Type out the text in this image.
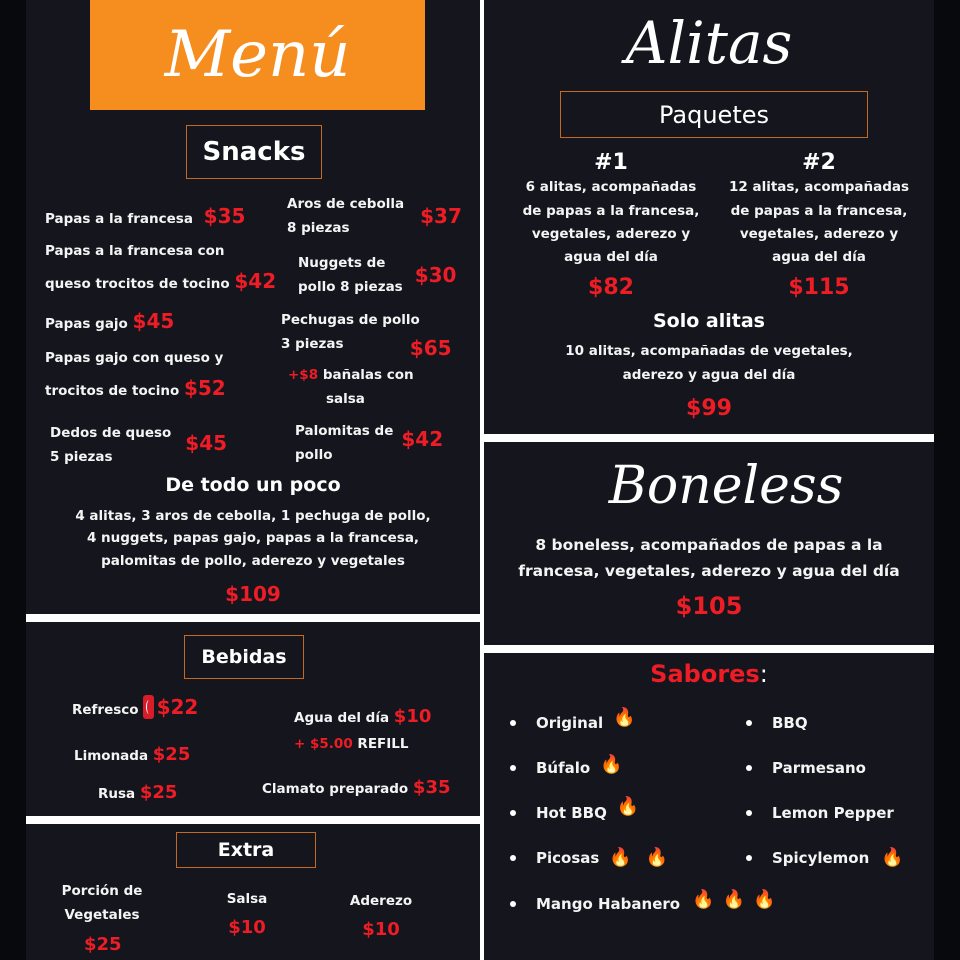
Menú
Snacks
Papas a la francesa $35
Papas a la francesa con
queso trocitos de tocino $42
Papas gajo $45
Papas gajo con queso y
trocitos de tocino $52
Dedos de queso
5 piezas
$45
Aros de cebolla
8 piezas	$37
Nuggets de
pollo 8 piezas $30
Pechugas de pollo
3 piezas	$65
+$8 bañalas con
salsa
Palomitas de
pollo
$42
De todo un poco
4 alitas, 3 aros de cebolla, 1 pechuga de pollo,
4 nuggets, papas gajo, papas a la francesa,
palomitas de pollo, aderezo y vegetales
$109
Bebidas
Refresco $22	Agua del día $10
+ $5.00 REFILL
Limonada $25
Rusa $25	Clamato preparado $35
Extra
Porción de
Vegetales
$25
Salsa
$10
Aderezo
$10
Alitas
Paquetes
#1
6 alitas, acompañadas
de papas a la francesa,
vegetales, aderezo y
agua del día
$82
#2
12 alitas, acompañadas
de papas a la francesa,
vegetales, aderezo y
agua del día
$115
Solo alitas
10 alitas, acompañadas de vegetales,
aderezo y agua del día
$99
Boneless
8 boneless, acompañados de papas a la
francesa, vegetales, aderezo y agua del día
$105
Sabores:
Original 🔥
Búfalo 🔥
Hot BBQ 🔥
Picosas 🔥 🔥
Mango Habanero 🔥 🔥 🔥
BBQ
Parmesano
Lemon Pepper
Spicylemon 🔥
